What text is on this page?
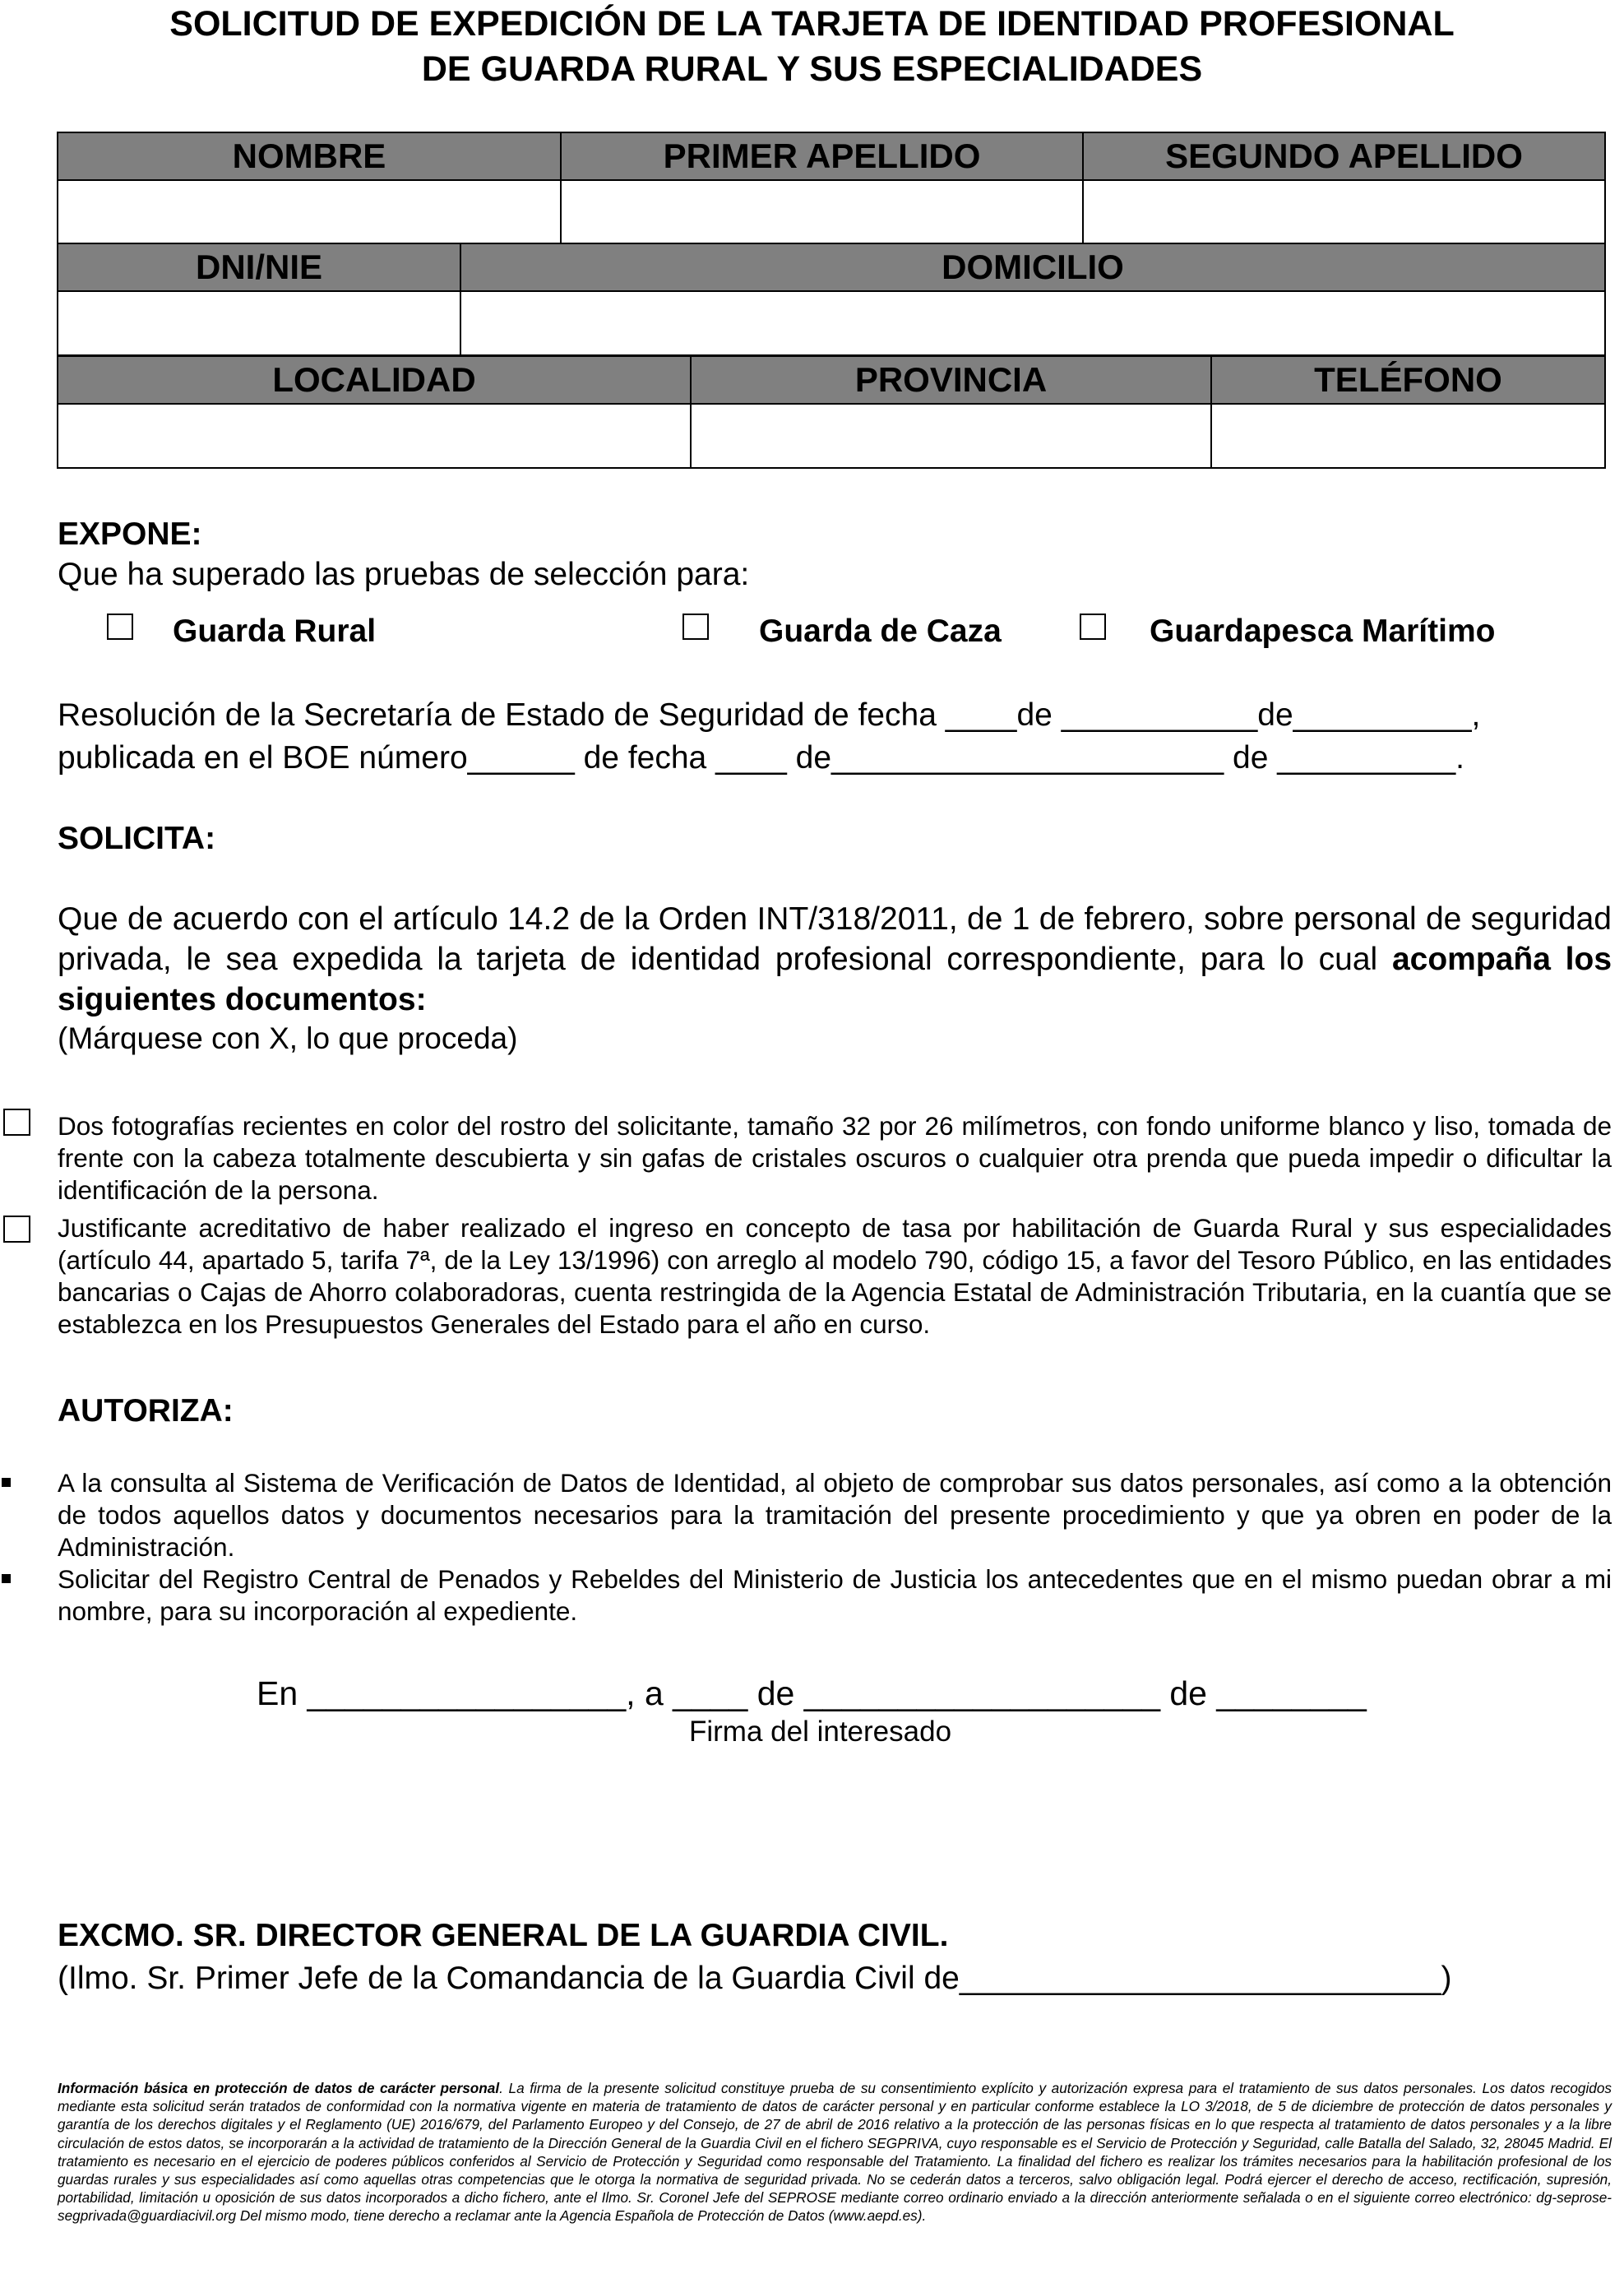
SOLICITUD DE EXPEDICIÓN DE LA TARJETA DE IDENTIDAD PROFESIONAL
DE GUARDA RURAL Y SUS ESPECIALIDADES
NOMBRE	PRIMER APELLIDO	SEGUNDO APELLIDO

DNI/NIE	DOMICILIO

LOCALIDAD	PROVINCIA	TELÉFONO

EXPONE:
Que ha superado las pruebas de selección para:
Guarda Rural	Guarda de Caza	Guardapesca Marítimo
Resolución de la Secretaría de Estado de Seguridad de fecha ____de ___________de__________,
publicada en el BOE número______ de fecha ____ de______________________ de __________.
SOLICITA:
Que de acuerdo con el artículo 14.2 de la Orden INT/318/2011, de 1 de febrero, sobre personal de seguridad privada, le sea expedida la tarjeta de identidad profesional correspondiente, para lo cual acompaña los siguientes documentos:
(Márquese con X, lo que proceda)
Dos fotografías recientes en color del rostro del solicitante, tamaño 32 por 26 milímetros, con fondo uniforme blanco y liso, tomada de frente con la cabeza totalmente descubierta y sin gafas de cristales oscuros o cualquier otra prenda que pueda impedir o dificultar la identificación de la persona.
Justificante acreditativo de haber realizado el ingreso en concepto de tasa por habilitación de Guarda Rural y sus especialidades (artículo 44, apartado 5, tarifa 7ª, de la Ley 13/1996) con arreglo al modelo 790, código 15, a favor del Tesoro Público, en las entidades bancarias o Cajas de Ahorro colaboradoras, cuenta restringida de la Agencia Estatal de Administración Tributaria, en la cuantía que se establezca en los Presupuestos Generales del Estado para el año en curso.
AUTORIZA:
A la consulta al Sistema de Verificación de Datos de Identidad, al objeto de comprobar sus datos personales, así como a la obtención de todos aquellos datos y documentos necesarios para la tramitación del presente procedimiento y que ya obren en poder de la Administración.
Solicitar del Registro Central de Penados y Rebeldes del Ministerio de Justicia los antecedentes que en el mismo puedan obrar a mi nombre, para su incorporación al expediente.
En _________________, a ____ de ___________________ de ________
Firma del interesado
EXCMO. SR. DIRECTOR GENERAL DE LA GUARDIA CIVIL.
(Ilmo. Sr. Primer Jefe de la Comandancia de la Guardia Civil de___________________________)
Información básica en protección de datos de carácter personal. La firma de la presente solicitud constituye prueba de su consentimiento explícito y autorización expresa para el tratamiento de sus datos personales. Los datos recogidos mediante esta solicitud serán tratados de conformidad con la normativa vigente en materia de tratamiento de datos de carácter personal y en particular conforme establece la LO 3/2018, de 5 de diciembre de protección de datos personales y garantía de los derechos digitales y el Reglamento (UE) 2016/679, del Parlamento Europeo y del Consejo, de 27 de abril de 2016 relativo a la protección de las personas físicas en lo que respecta al tratamiento de datos personales y a la libre circulación de estos datos, se incorporarán a la actividad de tratamiento de la Dirección General de la Guardia Civil en el fichero SEGPRIVA, cuyo responsable es el Servicio de Protección y Seguridad, calle Batalla del Salado, 32, 28045 Madrid. El tratamiento es necesario en el ejercicio de poderes públicos conferidos al Servicio de Protección y Seguridad como responsable del Tratamiento. La finalidad del fichero es realizar los trámites necesarios para la habilitación profesional de los guardas rurales y sus especialidades así como aquellas otras competencias que le otorga la normativa de seguridad privada. No se cederán datos a terceros, salvo obligación legal. Podrá ejercer el derecho de acceso, rectificación, supresión, portabilidad, limitación u oposición de sus datos incorporados a dicho fichero, ante el Ilmo. Sr. Coronel Jefe del SEPROSE mediante correo ordinario enviado a la dirección anteriormente señalada o en el siguiente correo electrónico: dg-seprose-segprivada@guardiacivil.org Del mismo modo, tiene derecho a reclamar ante la Agencia Española de Protección de Datos (www.aepd.es).
